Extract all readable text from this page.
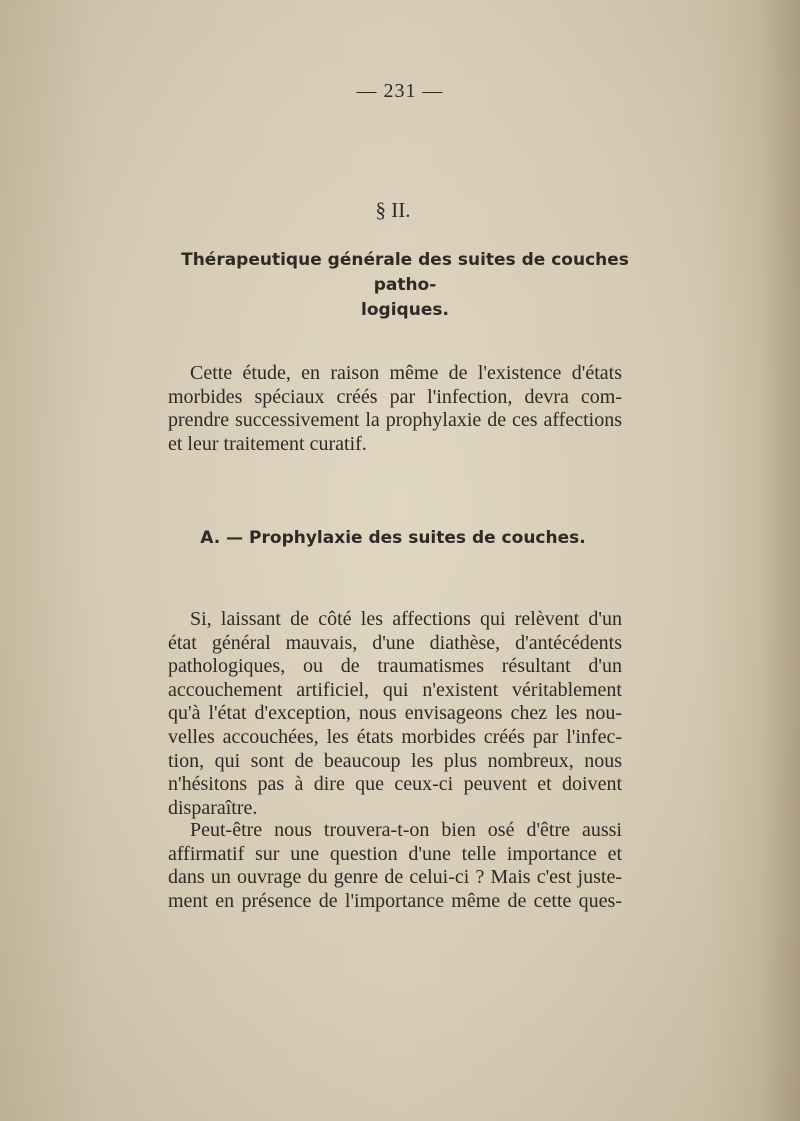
— 231 —
§ II.
Thérapeutique générale des suites de couches patho-
logiques.
Cette étude, en raison même de l'existence d'états
morbides spéciaux créés par l'infection, devra com-
prendre successivement la prophylaxie de ces affections
et leur traitement curatif.
A. — Prophylaxie des suites de couches.
Si, laissant de côté les affections qui relèvent d'un
état général mauvais, d'une diathèse, d'antécédents
pathologiques, ou de traumatismes résultant d'un
accouchement artificiel, qui n'existent véritablement
qu'à l'état d'exception, nous envisageons chez les nou-
velles accouchées, les états morbides créés par l'infec-
tion, qui sont de beaucoup les plus nombreux, nous
n'hésitons pas à dire que ceux-ci peuvent et doivent
disparaître.
Peut-être nous trouvera-t-on bien osé d'être aussi
affirmatif sur une question d'une telle importance et
dans un ouvrage du genre de celui-ci ? Mais c'est juste-
ment en présence de l'importance même de cette ques-
